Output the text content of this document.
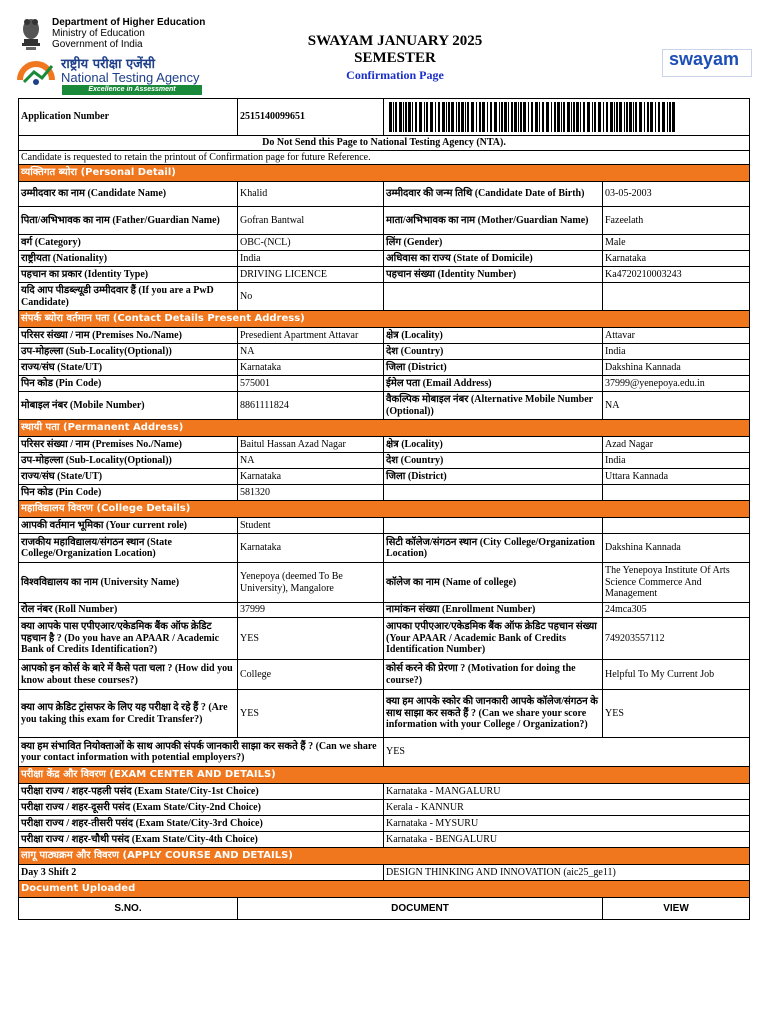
Department of Higher Education
Ministry of Education
Government of India
राष्ट्रीय परीक्षा एजेंसी
National Testing Agency
Excellence in Assessment
SWAYAM JANUARY 2025
SEMESTER
Confirmation Page
swayam
Application Number	2515140099651	

Do Not Send this Page to National Testing Agency (NTA).			
Candidate is requested to retain the printout of Confirmation page for future Reference.			
व्यक्तिगत ब्योरा (Personal Detail)			
उम्मीदवार का नाम (Candidate Name)	Khalid	उम्मीदवार की जन्म तिथि (Candidate Date of Birth)	03-05-2003
पिता/अभिभावक का नाम (Father/Guardian Name)	Gofran Bantwal	माता/अभिभावक का नाम (Mother/Guardian Name)	Fazeelath
वर्ग (Category)	OBC-(NCL)	लिंग (Gender)	Male
राष्ट्रीयता (Nationality)	India	अधिवास का राज्य (State of Domicile)	Karnataka
पहचान का प्रकार (Identity Type)	DRIVING LICENCE	पहचान संख्या (Identity Number)	Ka4720210003243
यदि आप पीडब्ल्यूडी उम्मीदवार हैं (If you are a PwD Candidate)	No		
संपर्क ब्योरा वर्तमान पता (Contact Details Present Address)			
परिसर संख्या / नाम (Premises No./Name)	Presedient Apartment Attavar	क्षेत्र (Locality)	Attavar
उप-मोहल्ला (Sub-Locality(Optional))	NA	देश (Country)	India
राज्य/संघ (State/UT)	Karnataka	जिला (District)	Dakshina Kannada
पिन कोड (Pin Code)	575001	ईमेल पता (Email Address)	37999@yenepoya.edu.in
मोबाइल नंबर (Mobile Number)	8861111824	वैकल्पिक मोबाइल नंबर (Alternative Mobile Number (Optional))	NA
स्थायी पता (Permanent Address)			
परिसर संख्या / नाम (Premises No./Name)	Baitul Hassan Azad Nagar	क्षेत्र (Locality)	Azad Nagar
उप-मोहल्ला (Sub-Locality(Optional))	NA	देश (Country)	India
राज्य/संघ (State/UT)	Karnataka	जिला (District)	Uttara Kannada
पिन कोड (Pin Code)	581320		
महाविद्यालय विवरण (College Details)			
आपकी वर्तमान भूमिका (Your current role)	Student		
राजकीय महाविद्यालय/संगठन स्थान (State College/Organization Location)	Karnataka	सिटी कॉलेज/संगठन स्थान (City College/Organization Location)	Dakshina Kannada
विश्वविद्यालय का नाम (University Name)	Yenepoya (deemed To Be University), Mangalore	कॉलेज का नाम (Name of college)	The Yenepoya Institute Of Arts Science Commerce And Management
रोल नंबर (Roll Number)	37999	नामांकन संख्या (Enrollment Number)	24mca305
क्या आपके पास एपीएआर/एकेडमिक बैंक ऑफ क्रेडिट पहचान है ? (Do you have an APAAR / Academic Bank of Credits Identification?)	YES	आपका एपीएआर/एकेडमिक बैंक ऑफ क्रेडिट पहचान संख्या (Your APAAR / Academic Bank of Credits Identification Number)	749203557112
आपको इन कोर्स के बारे में कैसे पता चला ? (How did you know about these courses?)	College	कोर्स करने की प्रेरणा ? (Motivation for doing the course?)	Helpful To My Current Job
क्या आप क्रेडिट ट्रांसफर के लिए यह परीक्षा दे रहे हैं ? (Are you taking this exam for Credit Transfer?)	YES	क्या हम आपके स्कोर की जानकारी आपके कॉलेज/संगठन के साथ साझा कर सकते हैं ? (Can we share your score information with your College / Organization?)	YES
क्या हम संभावित नियोक्ताओं के साथ आपकी संपर्क जानकारी साझा कर सकते हैं ? (Can we share your contact information with potential employers?)		YES	
परीक्षा केंद्र और विवरण (EXAM CENTER AND DETAILS)			
परीक्षा राज्य / शहर-पहली पसंद (Exam State/City-1st Choice)		Karnataka - MANGALURU	
परीक्षा राज्य / शहर-दूसरी पसंद (Exam State/City-2nd Choice)		Kerala - KANNUR	
परीक्षा राज्य / शहर-तीसरी पसंद (Exam State/City-3rd Choice)		Karnataka - MYSURU	
परीक्षा राज्य / शहर-चौथी पसंद (Exam State/City-4th Choice)		Karnataka - BENGALURU	
लागू पाठ्यक्रम और विवरण (APPLY COURSE AND DETAILS)			
Day 3 Shift 2		DESIGN THINKING AND INNOVATION (aic25_ge11)	
Document Uploaded			
S.NO.	DOCUMENT		VIEW
